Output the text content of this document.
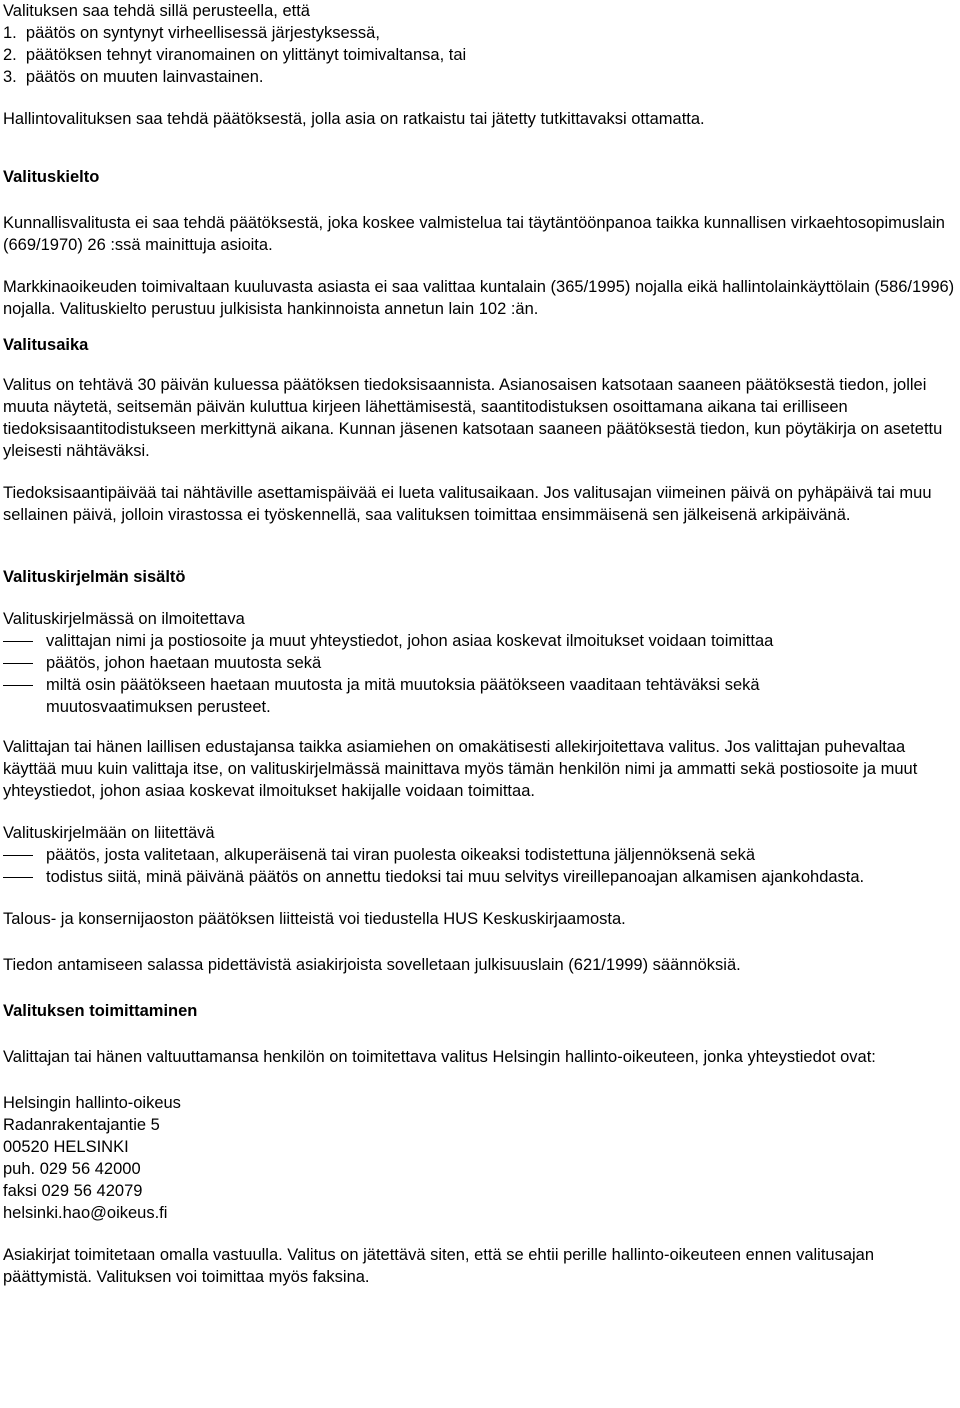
Valituksen saa tehdä sillä perusteella, että

1.  päätös on syntynyt virheellisessä järjestyksessä,

2.  päätöksen tehnyt viranomainen on ylittänyt toimivaltansa, tai

3.  päätös on muuten lainvastainen.

Hallintovalituksen saa tehdä päätöksestä, jolla asia on ratkaistu tai jätetty tutkittavaksi ottamatta.

Valituskielto

Kunnallisvalitusta ei saa tehdä päätöksestä, joka koskee valmistelua tai täytäntöönpanoa taikka kunnallisen virkaehtosopimuslain (669/1970) 26 :ssä mainittuja asioita.

Markkinaoikeuden toimivaltaan kuuluvasta asiasta ei saa valittaa kuntalain (365/1995) nojalla eikä hallintolainkäyttölain (586/1996) nojalla. Valituskielto perustuu julkisista hankinnoista annetun lain 102 :än.

Valitusaika

Valitus on tehtävä 30 päivän kuluessa päätöksen tiedoksisaannista. Asianosaisen katsotaan saaneen päätöksestä tiedon, jollei muuta näytetä, seitsemän päivän kuluttua kirjeen lähettämisestä, saantitodistuksen osoittamana aikana tai erilliseen tiedoksisaantitodistukseen merkittynä aikana. Kunnan jäsenen katsotaan saaneen päätöksestä tiedon, kun pöytäkirja on asetettu yleisesti nähtäväksi.

Tiedoksisaantipäivää tai nähtäville asettamispäivää ei lueta valitusaikaan. Jos valitusajan viimeinen päivä on pyhäpäivä tai muu sellainen päivä, jolloin virastossa ei työskennellä, saa valituksen toimittaa ensimmäisenä sen jälkeisenä arkipäivänä.

Valituskirjelmän sisältö

Valituskirjelmässä on ilmoitettava

valittajan nimi ja postiosoite ja muut yhteystiedot, johon asiaa koskevat ilmoitukset voidaan toimittaa
päätös, johon haetaan muutosta sekä
miltä osin päätökseen haetaan muutosta ja mitä muutoksia päätökseen vaaditaan tehtäväksi sekä muutosvaatimuksen perusteet.

Valittajan tai hänen laillisen edustajansa taikka asiamiehen on omakätisesti allekirjoitettava valitus. Jos valittajan puhevaltaa käyttää muu kuin valittaja itse, on valituskirjelmässä mainittava myös tämän henkilön nimi ja ammatti sekä postiosoite ja muut yhteystiedot, johon asiaa koskevat ilmoitukset hakijalle voidaan toimittaa.

Valituskirjelmään on liitettävä

päätös, josta valitetaan, alkuperäisenä tai viran puolesta oikeaksi todistettuna jäljennöksenä sekä
todistus siitä, minä päivänä päätös on annettu tiedoksi tai muu selvitys vireillepanoajan alkamisen ajankohdasta.

Talous- ja konsernijaoston päätöksen liitteistä voi tiedustella HUS Keskuskirjaamosta.

Tiedon antamiseen salassa pidettävistä asiakirjoista sovelletaan julkisuuslain (621/1999) säännöksiä.

Valituksen toimittaminen

Valittajan tai hänen valtuuttamansa henkilön on toimitettava valitus Helsingin hallinto-oikeuteen, jonka yhteystiedot ovat:

Helsingin hallinto-oikeus

Radanrakentajantie 5

00520 HELSINKI

puh. 029 56 42000

faksi 029 56 42079

helsinki.hao@oikeus.fi

Asiakirjat toimitetaan omalla vastuulla. Valitus on jätettävä siten, että se ehtii perille hallinto-oikeuteen ennen valitusajan päättymistä. Valituksen voi toimittaa myös faksina.
